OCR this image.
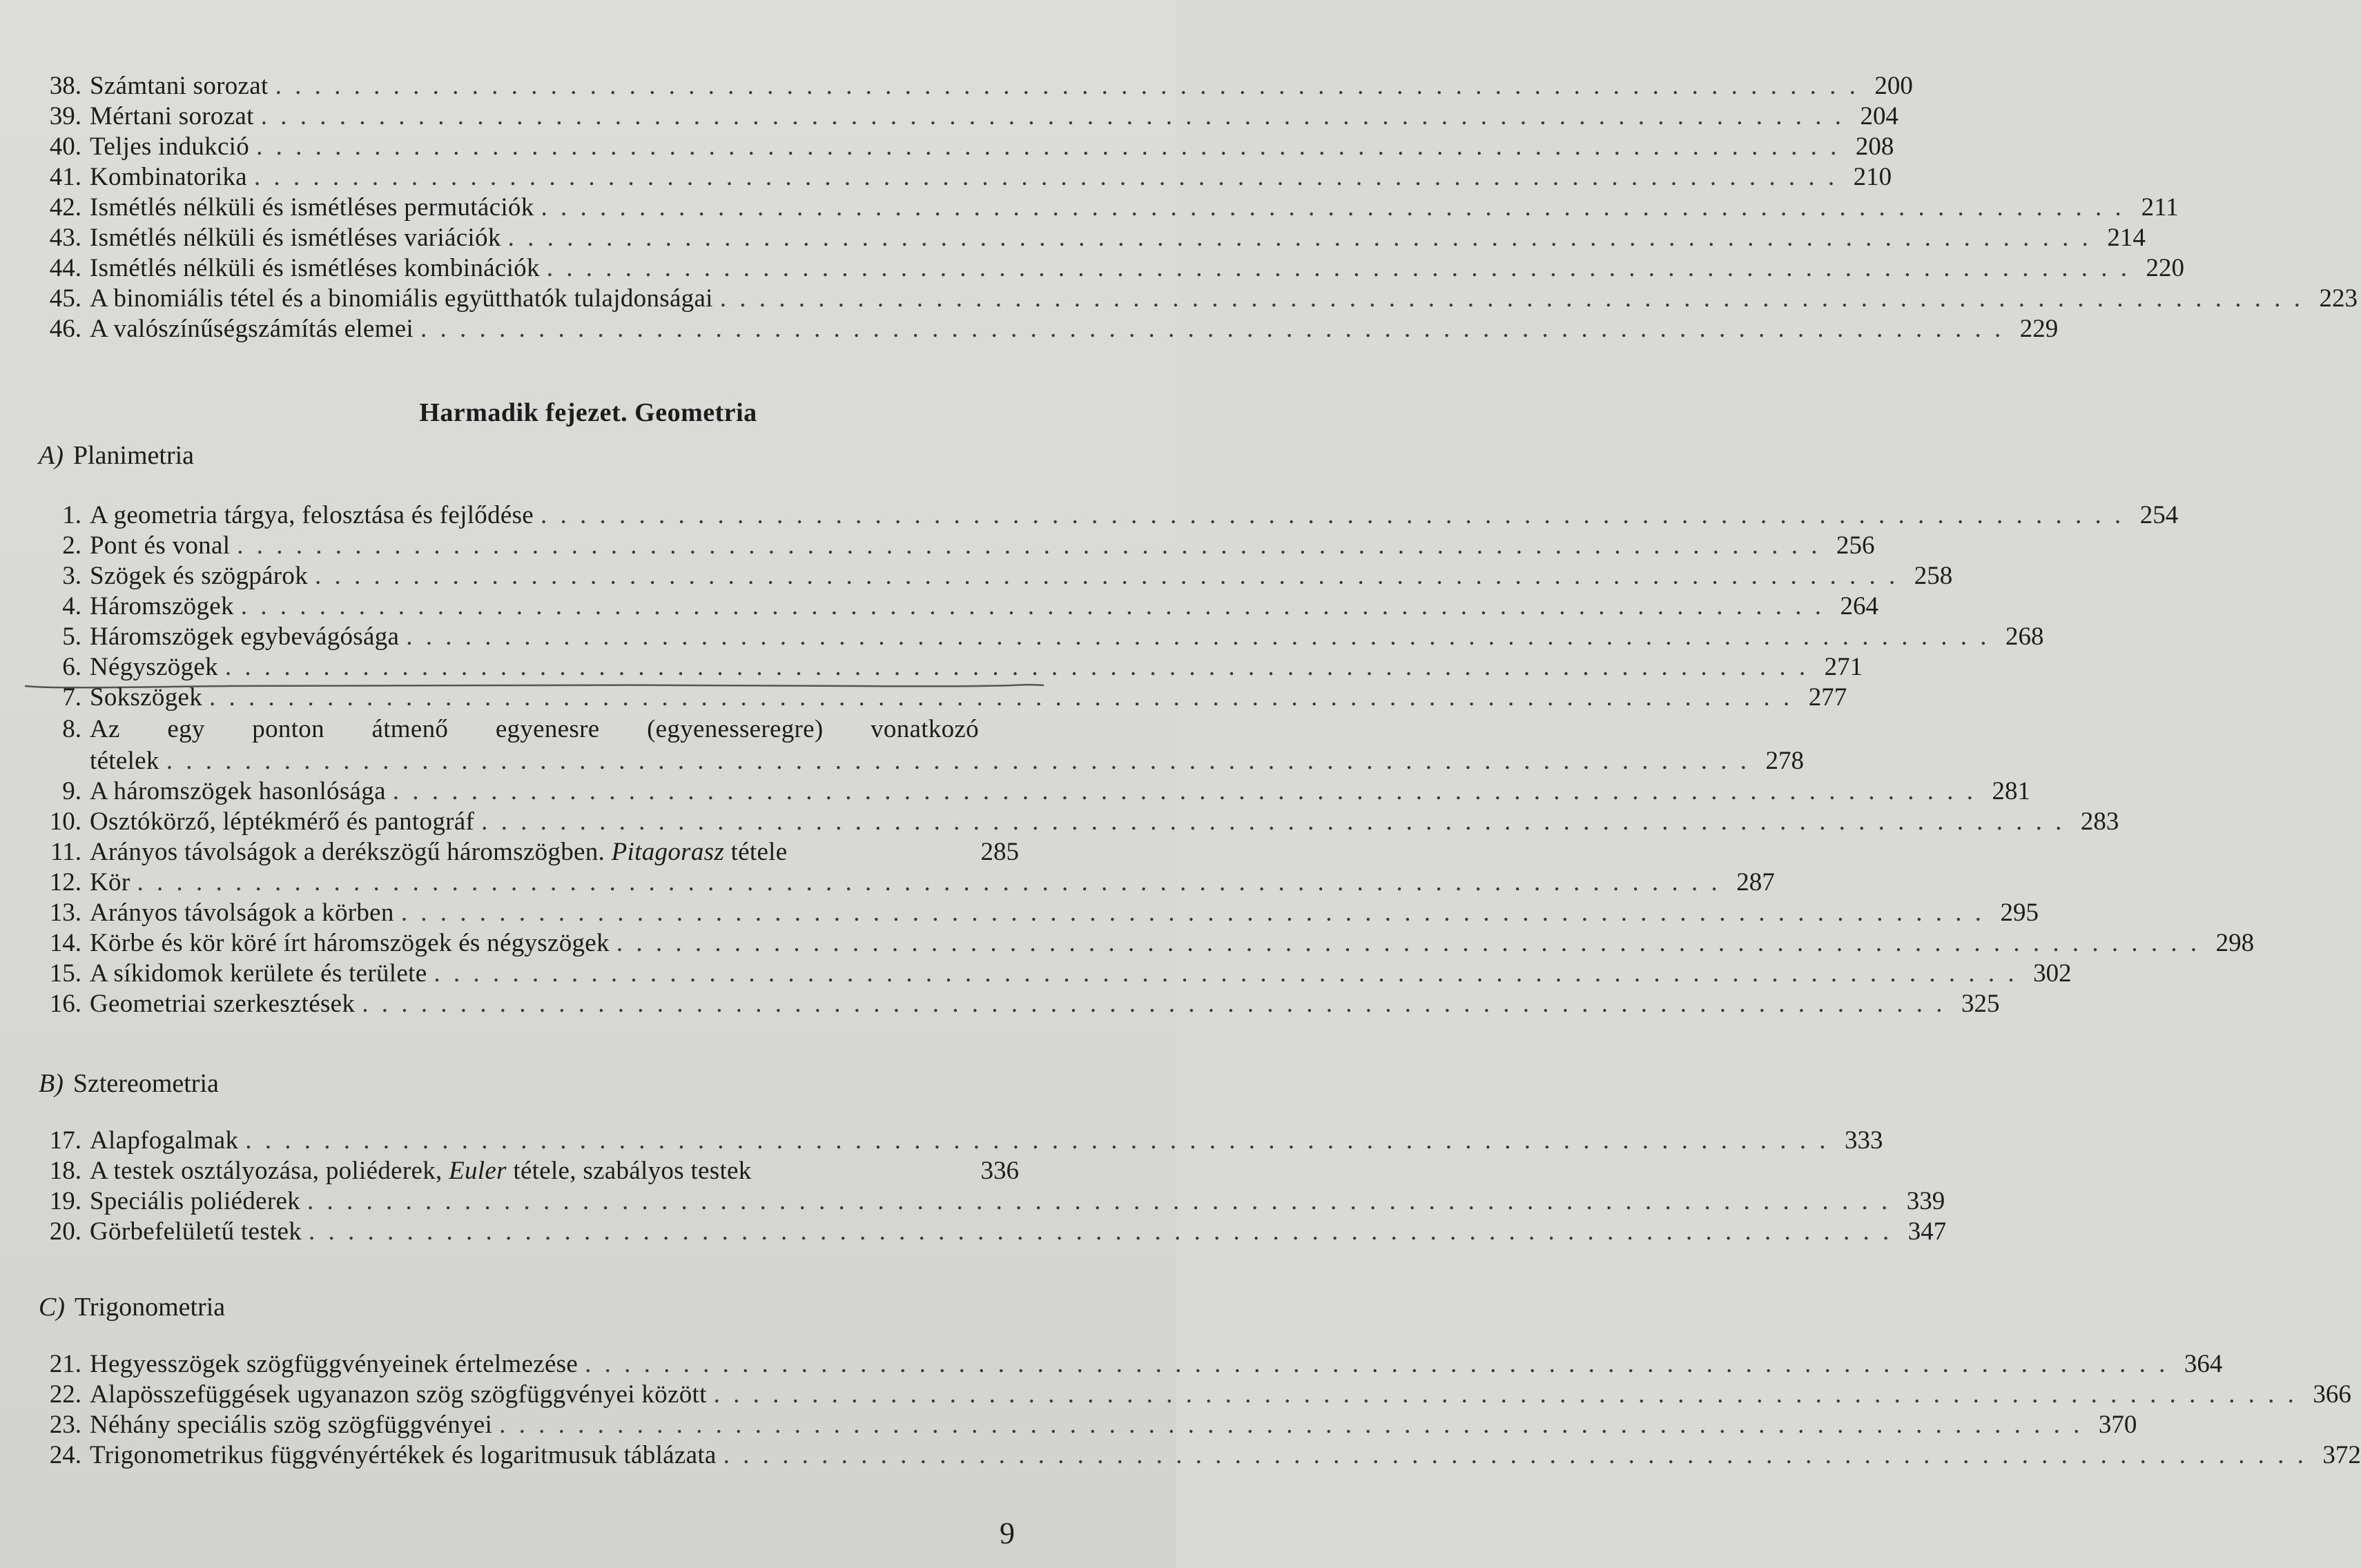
38. Számtani sorozat . . . . . . . . . . . . . . . . . . . . . . . . . . . . . . . . . . . . . . . . . . . . . . . . . . . . . . . . . . . . . . . . . . . . . . . . . . . . . . . . . 200
39. Mértani sorozat . . . . . . . . . . . . . . . . . . . . . . . . . . . . . . . . . . . . . . . . . . . . . . . . . . . . . . . . . . . . . . . . . . . . . . . . . . . . . . . . . 204
40. Teljes indukció . . . . . . . . . . . . . . . . . . . . . . . . . . . . . . . . . . . . . . . . . . . . . . . . . . . . . . . . . . . . . . . . . . . . . . . . . . . . . . . . . 208
41. Kombinatorika . . . . . . . . . . . . . . . . . . . . . . . . . . . . . . . . . . . . . . . . . . . . . . . . . . . . . . . . . . . . . . . . . . . . . . . . . . . . . . . . . 210
42. Ismétlés nélküli és ismétléses permutációk . . . . . . . . . . . . . . . . . . . . . . . . . . . . . . . . . . . . . . . . . . . . . . . . . . . . . . . . . . . . . . . . . . . . . . . . . . . . . . . . . 211
43. Ismétlés nélküli és ismétléses variációk . . . . . . . . . . . . . . . . . . . . . . . . . . . . . . . . . . . . . . . . . . . . . . . . . . . . . . . . . . . . . . . . . . . . . . . . . . . . . . . . . 214
44. Ismétlés nélküli és ismétléses kombinációk . . . . . . . . . . . . . . . . . . . . . . . . . . . . . . . . . . . . . . . . . . . . . . . . . . . . . . . . . . . . . . . . . . . . . . . . . . . . . . . . . 220
45. A binomiális tétel és a binomiális együtthatók tulajdonságai . . . . . . . . . . . . . . . . . . . . . . . . . . . . . . . . . . . . . . . . . . . . . . . . . . . . . . . . . . . . . . . . . . . . . . . . . . . . . . . . . 223
46. A valószínűségszámítás elemei . . . . . . . . . . . . . . . . . . . . . . . . . . . . . . . . . . . . . . . . . . . . . . . . . . . . . . . . . . . . . . . . . . . . . . . . . . . . . . . . . 229
Harmadik fejezet. Geometria
A) Planimetria
1. A geometria tárgya, felosztása és fejlődése . . . . . . . . . . . . . . . . . . . . . . . . . . . . . . . . . . . . . . . . . . . . . . . . . . . . . . . . . . . . . . . . . . . . . . . . . . . . . . . . . 254
2. Pont és vonal . . . . . . . . . . . . . . . . . . . . . . . . . . . . . . . . . . . . . . . . . . . . . . . . . . . . . . . . . . . . . . . . . . . . . . . . . . . . . . . . . 256
3. Szögek és szögpárok . . . . . . . . . . . . . . . . . . . . . . . . . . . . . . . . . . . . . . . . . . . . . . . . . . . . . . . . . . . . . . . . . . . . . . . . . . . . . . . . . 258
4. Háromszögek . . . . . . . . . . . . . . . . . . . . . . . . . . . . . . . . . . . . . . . . . . . . . . . . . . . . . . . . . . . . . . . . . . . . . . . . . . . . . . . . . 264
5. Háromszögek egybevágósága . . . . . . . . . . . . . . . . . . . . . . . . . . . . . . . . . . . . . . . . . . . . . . . . . . . . . . . . . . . . . . . . . . . . . . . . . . . . . . . . . 268
6. Négyszögek . . . . . . . . . . . . . . . . . . . . . . . . . . . . . . . . . . . . . . . . . . . . . . . . . . . . . . . . . . . . . . . . . . . . . . . . . . . . . . . . . 271
7. Sokszögek . . . . . . . . . . . . . . . . . . . . . . . . . . . . . . . . . . . . . . . . . . . . . . . . . . . . . . . . . . . . . . . . . . . . . . . . . . . . . . . . . 277
8. Az egy ponton átmenő egyenesre (egyenesseregre) vonatkozó
tételek . . . . . . . . . . . . . . . . . . . . . . . . . . . . . . . . . . . . . . . . . . . . . . . . . . . . . . . . . . . . . . . . . . . . . . . . . . . . . . . . . 278
9. A háromszögek hasonlósága . . . . . . . . . . . . . . . . . . . . . . . . . . . . . . . . . . . . . . . . . . . . . . . . . . . . . . . . . . . . . . . . . . . . . . . . . . . . . . . . . 281
10. Osztókörző, léptékmérő és pantográf . . . . . . . . . . . . . . . . . . . . . . . . . . . . . . . . . . . . . . . . . . . . . . . . . . . . . . . . . . . . . . . . . . . . . . . . . . . . . . . . . 283
11. Arányos távolságok a derékszögű háromszögben. Pitagorasz tétele	285
12. Kör . . . . . . . . . . . . . . . . . . . . . . . . . . . . . . . . . . . . . . . . . . . . . . . . . . . . . . . . . . . . . . . . . . . . . . . . . . . . . . . . . 287
13. Arányos távolságok a körben . . . . . . . . . . . . . . . . . . . . . . . . . . . . . . . . . . . . . . . . . . . . . . . . . . . . . . . . . . . . . . . . . . . . . . . . . . . . . . . . . 295
14. Körbe és kör köré írt háromszögek és négyszögek . . . . . . . . . . . . . . . . . . . . . . . . . . . . . . . . . . . . . . . . . . . . . . . . . . . . . . . . . . . . . . . . . . . . . . . . . . . . . . . . . 298
15. A síkidomok kerülete és területe . . . . . . . . . . . . . . . . . . . . . . . . . . . . . . . . . . . . . . . . . . . . . . . . . . . . . . . . . . . . . . . . . . . . . . . . . . . . . . . . . 302
16. Geometriai szerkesztések . . . . . . . . . . . . . . . . . . . . . . . . . . . . . . . . . . . . . . . . . . . . . . . . . . . . . . . . . . . . . . . . . . . . . . . . . . . . . . . . . 325
B) Sztereometria
17. Alapfogalmak . . . . . . . . . . . . . . . . . . . . . . . . . . . . . . . . . . . . . . . . . . . . . . . . . . . . . . . . . . . . . . . . . . . . . . . . . . . . . . . . . 333
18. A testek osztályozása, poliéderek, Euler tétele, szabályos testek	336
19. Speciális poliéderek . . . . . . . . . . . . . . . . . . . . . . . . . . . . . . . . . . . . . . . . . . . . . . . . . . . . . . . . . . . . . . . . . . . . . . . . . . . . . . . . . 339
20. Görbefelületű testek . . . . . . . . . . . . . . . . . . . . . . . . . . . . . . . . . . . . . . . . . . . . . . . . . . . . . . . . . . . . . . . . . . . . . . . . . . . . . . . . . 347
C) Trigonometria
21. Hegyesszögek szögfüggvényeinek értelmezése . . . . . . . . . . . . . . . . . . . . . . . . . . . . . . . . . . . . . . . . . . . . . . . . . . . . . . . . . . . . . . . . . . . . . . . . . . . . . . . . . 364
22. Alapösszefüggések ugyanazon szög szögfüggvényei között . . . . . . . . . . . . . . . . . . . . . . . . . . . . . . . . . . . . . . . . . . . . . . . . . . . . . . . . . . . . . . . . . . . . . . . . . . . . . . . . . 366
23. Néhány speciális szög szögfüggvényei . . . . . . . . . . . . . . . . . . . . . . . . . . . . . . . . . . . . . . . . . . . . . . . . . . . . . . . . . . . . . . . . . . . . . . . . . . . . . . . . . 370
24. Trigonometrikus függvényértékek és logaritmusuk táblázata . . . . . . . . . . . . . . . . . . . . . . . . . . . . . . . . . . . . . . . . . . . . . . . . . . . . . . . . . . . . . . . . . . . . . . . . . . . . . . . . . 372
9
